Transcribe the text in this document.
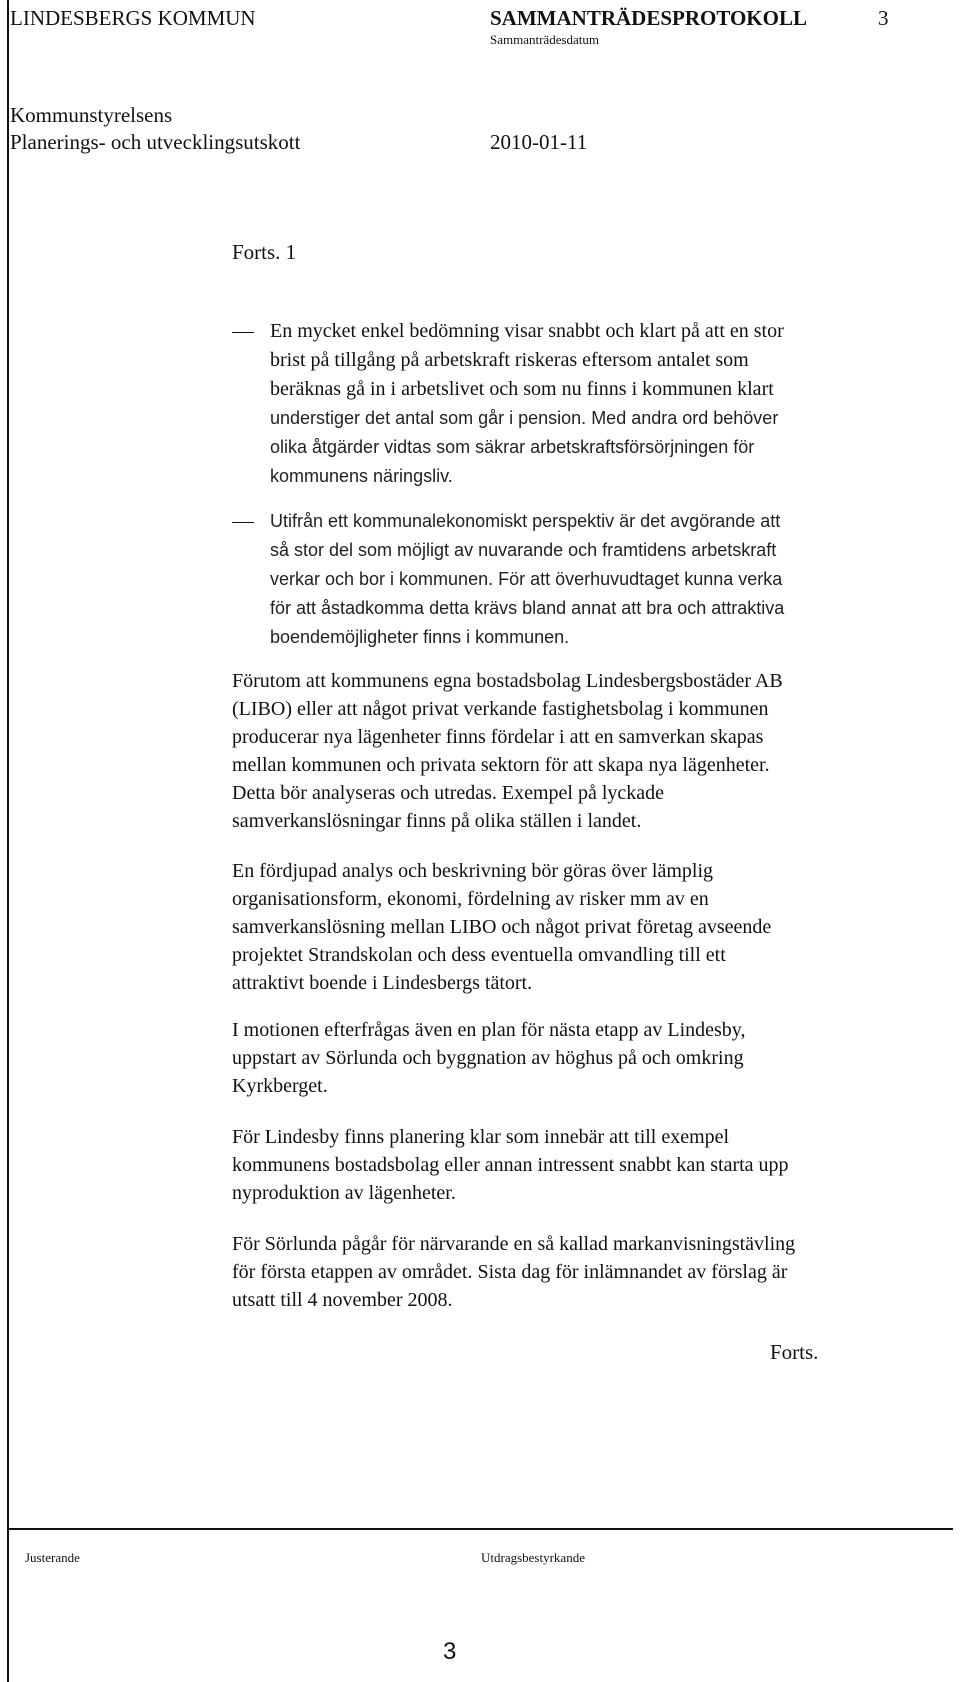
LINDESBERGS KOMMUN	SAMMANTRÄDESPROTOKOLL	3
Sammanträdesdatum
Kommunstyrelsens
Planerings- och utvecklingsutskott	2010-01-11
Forts. 1
En mycket enkel bedömning visar snabbt och klart på att en stor
brist på tillgång på arbetskraft riskeras eftersom antalet som
beräknas gå in i arbetslivet och som nu finns i kommunen klart
understiger det antal som går i pension. Med andra ord behöver
olika åtgärder vidtas som säkrar arbetskraftsförsörjningen för
kommunens näringsliv.
Utifrån ett kommunalekonomiskt perspektiv är det avgörande att
så stor del som möjligt av nuvarande och framtidens arbetskraft
verkar och bor i kommunen. För att överhuvudtaget kunna verka
för att åstadkomma detta krävs bland annat att bra och attraktiva
boendemöjligheter finns i kommunen.
Förutom att kommunens egna bostadsbolag Lindesbergsbostäder AB
(LIBO) eller att något privat verkande fastighetsbolag i kommunen
producerar nya lägenheter finns fördelar i att en samverkan skapas
mellan kommunen och privata sektorn för att skapa nya lägenheter.
Detta bör analyseras och utredas. Exempel på lyckade
samverkanslösningar finns på olika ställen i landet.
En fördjupad analys och beskrivning bör göras över lämplig
organisationsform, ekonomi, fördelning av risker mm av en
samverkanslösning mellan LIBO och något privat företag avseende
projektet Strandskolan och dess eventuella omvandling till ett
attraktivt boende i Lindesbergs tätort.
I motionen efterfrågas även en plan för nästa etapp av Lindesby,
uppstart av Sörlunda och byggnation av höghus på och omkring
Kyrkberget.
För Lindesby finns planering klar som innebär att till exempel
kommunens bostadsbolag eller annan intressent snabbt kan starta upp
nyproduktion av lägenheter.
För Sörlunda pågår för närvarande en så kallad markanvisningstävling
för första etappen av området. Sista dag för inlämnandet av förslag är
utsatt till 4 november 2008.
Forts.
Justerande	Utdragsbestyrkande
3
